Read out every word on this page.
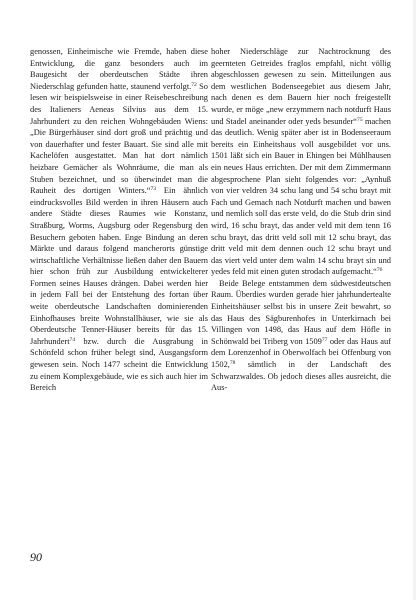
genossen, Einheimische wie Fremde, haben diese Entwicklung, die ganz besonders auch im Baugesicht der oberdeutschen Städte ihren Niederschlag gefunden hatte, staunend verfolgt.$^{72}$ So lesen wir beispielsweise in einer Reisebeschreibung des Italieners Aeneas Silvius aus dem 15. Jahrhundert zu den reichen Wohngebäuden Wiens: „Die Bürgerhäuser sind dort groß und prächtig und von dauerhafter und fester Bauart. Sie sind alle mit Kachelöfen ausgestattet. Man hat dort nämlich heizbare Gemächer als Wohnräume, die man als Stuben bezeichnet, und so überwindet man die Rauheit des dortigen Winters.“$^{73}$ Ein ähnlich eindrucksvolles Bild werden in ihren Häusern auch andere Städte dieses Raumes wie Konstanz, Straßburg, Worms, Augsburg oder Regensburg den Besuchern geboten haben. Enge Bindung an deren Märkte und daraus folgend mancherorts günstige wirtschaftliche Verhältnisse ließen daher den Bauern hier schon früh zur Ausbildung entwickelterer Formen seines Hauses drängen. Dabei werden hier in jedem Fall bei der Entstehung des fortan über weite oberdeutsche Landschaften dominierenden Einhofhauses breite Wohnstallhäuser, wie sie als Oberdeutsche Tenner-Häuser bereits für das 15. Jahrhundert$^{74}$ bzw. durch die Ausgrabung in Schönfeld schon früher belegt sind, Ausgangsform gewesen sein. Noch 1477 scheint die Entwicklung zu einem Komplexgebäude, wie es sich auch hier im Bereich

hoher Niederschläge zur Nachtrocknung des geernteten Getreides fraglos empfahl, nicht völlig abgeschlossen gewesen zu sein. Mitteilungen aus dem westlichen Bodenseegebiet aus diesem Jahr, nach denen es dem Bauern hier noch freigestellt wurde, er möge „new erzymmern nach notdurft Haus und Stadel aneinander oder yeds besunder“$^{75}$ machen das deutlich. Wenig später aber ist in Bodenseeraum bereits ein Einheitshaus voll ausgebildet vor uns. 1501 läßt sich ein Bauer in Ehingen bei Mühlhausen ein neues Haus errichten. Der mit dem Zimmermann abgesprochene Plan sieht folgendes vor: „Aynhuß von vier veldren 34 schu lang und 54 schu brayt mit Fach und Gemach nach Notdurft machen und bawen und nemlich soll das erste veld, do die Stub drin sind wird, 16 schu brayt, das ander veld mit dem tenn 16 schu brayt, das dritt veld soll mit 12 schu brayt, das dritt veld mit dem dennen ouch 12 schu brayt und das viert veld unter dem walm 14 schu brayt sin und yedes feld mit einen guten strodach aufgemacht.“$^{76}$

Beide Belege entstammen dem südwestdeutschen Raum. Überdies wurden gerade hier jahrhundertealte Einheitshäuser selbst bis in unsere Zeit bewahrt, so das Haus des Sägburenhofes in Unterkirnach bei Villingen von 1498, das Haus auf dem Höfle in Schönwald bei Triberg von 1509$^{77}$ oder das Haus auf dem Lorenzenhof in Oberwolfach bei Offenburg von 1502,78 sämtlich in der Landschaft des Schwarzwaldes. Ob jedoch dieses alles ausreicht, die Aus-

90
